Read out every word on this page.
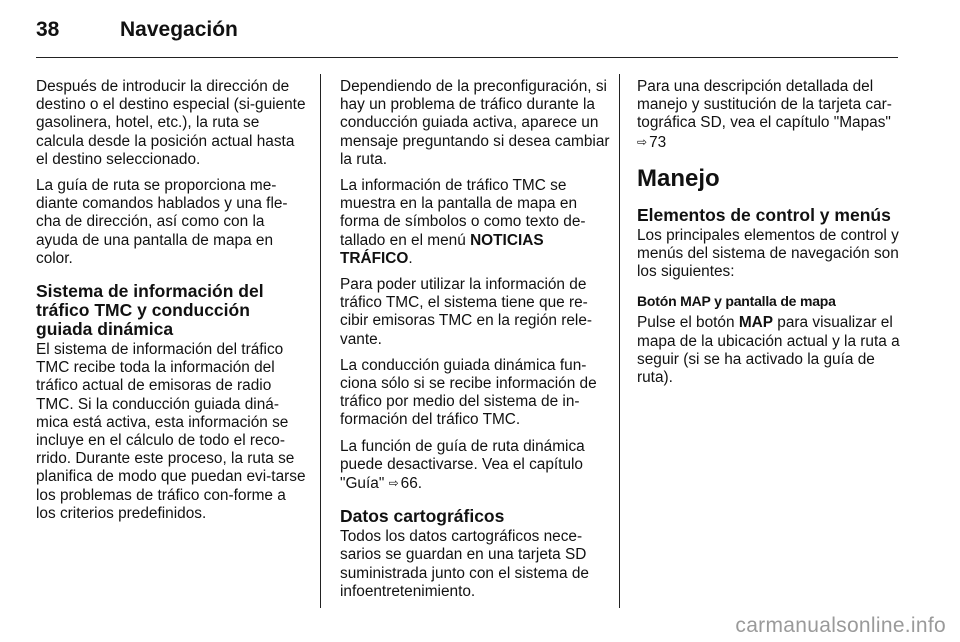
38	Navegación

Después de introducir la dirección de destino o el destino especial (si-guiente gasolinera, hotel, etc.), la ruta se calcula desde la posición actual hasta el destino seleccionado.

La guía de ruta se proporciona me-diante comandos hablados y una fle-cha de dirección, así como con la ayuda de una pantalla de mapa en color.

Sistema de información del tráfico TMC y conducción guiada dinámica

El sistema de información del tráfico TMC recibe toda la información del tráfico actual de emisoras de radio TMC. Si la conducción guiada diná-mica está activa, esta información se incluye en el cálculo de todo el reco-rrido. Durante este proceso, la ruta se planifica de modo que puedan evi-tarse los problemas de tráfico con-forme a los criterios predefinidos.

Dependiendo de la preconfiguración, si hay un problema de tráfico durante la conducción guiada activa, aparece un mensaje preguntando si desea cambiar la ruta.

La información de tráfico TMC se muestra en la pantalla de mapa en forma de símbolos o como texto de-tallado en el menú NOTICIAS TRÁFICO.

Para poder utilizar la información de tráfico TMC, el sistema tiene que re-cibir emisoras TMC en la región rele-vante.

La conducción guiada dinámica fun-ciona sólo si se recibe información de tráfico por medio del sistema de in-formación del tráfico TMC.

La función de guía de ruta dinámica puede desactivarse. Vea el capítulo "Guía" ⇨ 66.

Datos cartográficos

Todos los datos cartográficos nece-sarios se guardan en una tarjeta SD suministrada junto con el sistema de infoentretenimiento.

Para una descripción detallada del manejo y sustitución de la tarjeta car-tográfica SD, vea el capítulo "Mapas" ⇨ 73

Manejo
Elementos de control y menús

Los principales elementos de control y menús del sistema de navegación son los siguientes:

Botón MAP y pantalla de mapa

Pulse el botón MAP para visualizar el mapa de la ubicación actual y la ruta a seguir (si se ha activado la guía de ruta).

carmanualsonline.info
